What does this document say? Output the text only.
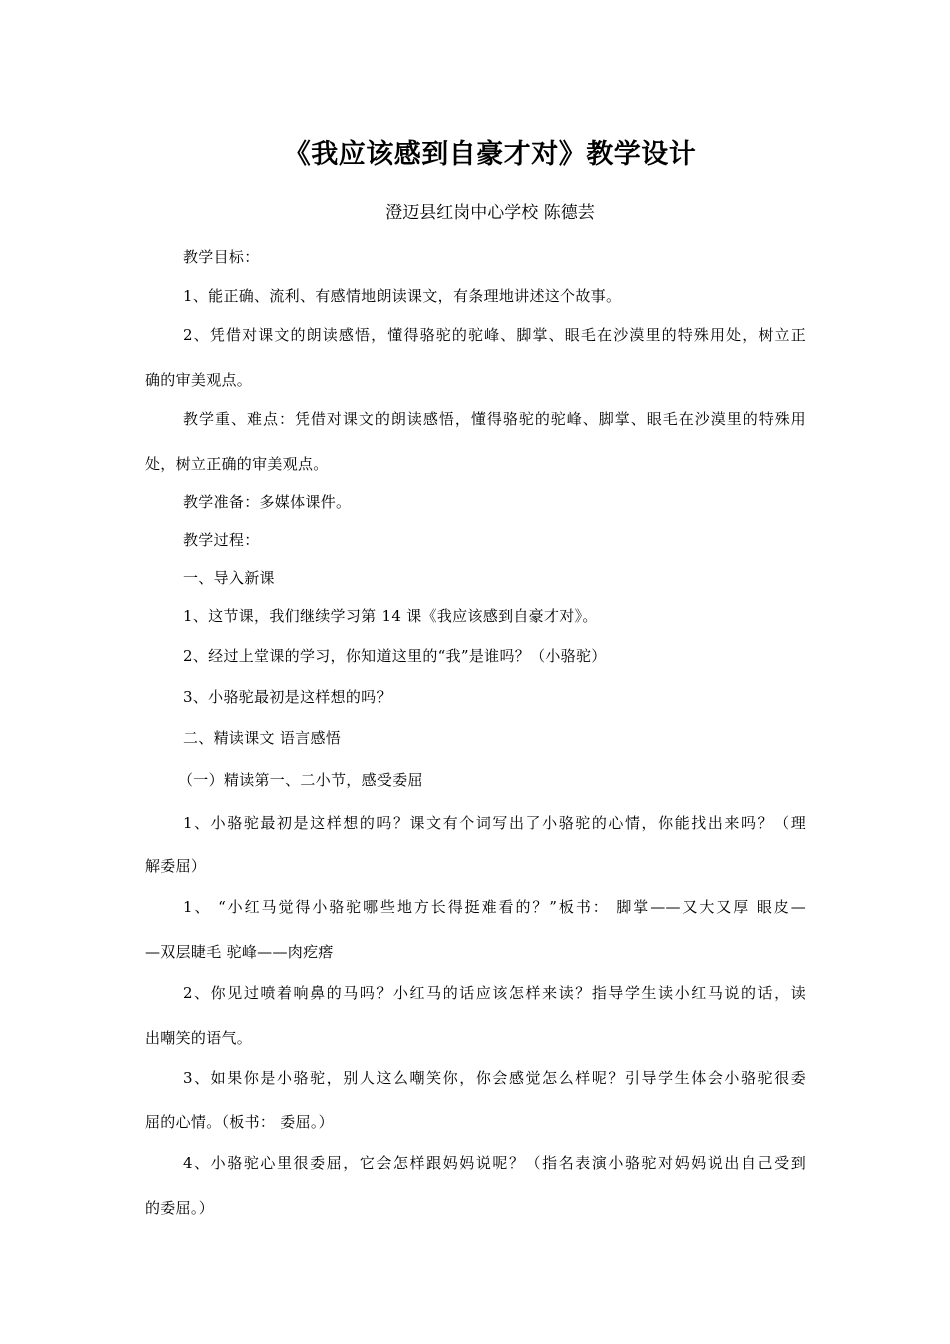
《我应该感到自豪才对》教学设计
澄迈县红岗中心学校 陈德芸
教学目标：
1、能正确、流利、有感情地朗读课文，有条理地讲述这个故事。
2、凭借对课文的朗读感悟，懂得骆驼的驼峰、脚掌、眼毛在沙漠里的特殊用处，树立正
确的审美观点。
教学重、难点：凭借对课文的朗读感悟，懂得骆驼的驼峰、脚掌、眼毛在沙漠里的特殊用
处，树立正确的审美观点。
教学准备：多媒体课件。
教学过程：
一、导入新课
1、这节课，我们继续学习第 14 课《我应该感到自豪才对》。
2、经过上堂课的学习，你知道这里的“我”是谁吗？（小骆驼）
3、小骆驼最初是这样想的吗？
二、精读课文 语言感悟
（一）精读第一、二小节，感受委屈
1、小骆驼最初是这样想的吗？课文有个词写出了小骆驼的心情，你能找出来吗？（理
解委屈）
1、 “小红马觉得小骆驼哪些地方长得挺难看的？”板书： 脚掌——又大又厚 眼皮—
—双层睫毛 驼峰——肉疙瘩
2、你见过喷着响鼻的马吗？小红马的话应该怎样来读？指导学生读小红马说的话，读
出嘲笑的语气。
3、如果你是小骆驼，别人这么嘲笑你，你会感觉怎么样呢？引导学生体会小骆驼很委
屈的心情。（板书： 委屈。）
4、小骆驼心里很委屈，它会怎样跟妈妈说呢？（指名表演小骆驼对妈妈说出自己受到
的委屈。）
